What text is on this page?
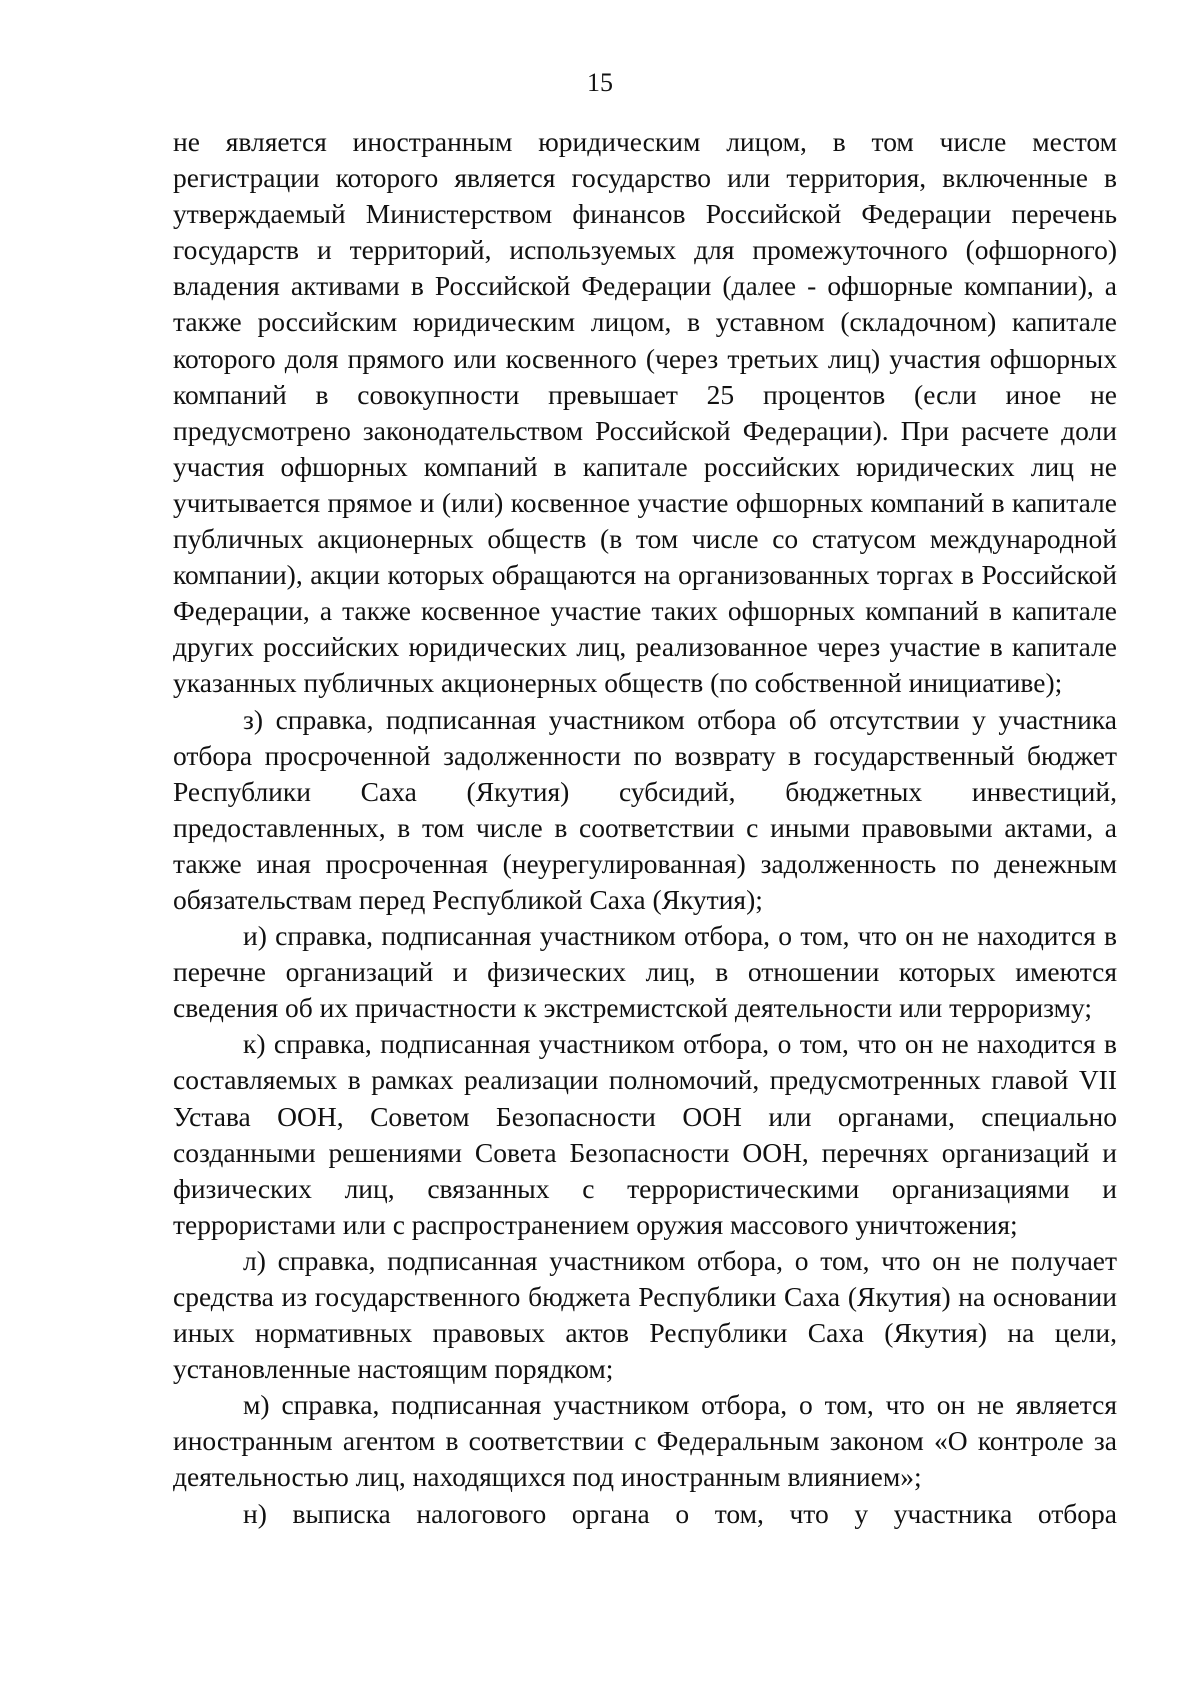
15

не является иностранным юридическим лицом, в том числе местом регистрации которого является государство или территория, включенные в утверждаемый Министерством финансов Российской Федерации перечень государств и территорий, используемых для промежуточного (офшорного) владения активами в Российской Федерации (далее - офшорные компании), а также российским юридическим лицом, в уставном (складочном) капитале которого доля прямого или косвенного (через третьих лиц) участия офшорных компаний в совокупности превышает 25 процентов (если иное не предусмотрено законодательством Российской Федерации). При расчете доли участия офшорных компаний в капитале российских юридических лиц не учитывается прямое и (или) косвенное участие офшорных компаний в капитале публичных акционерных обществ (в том числе со статусом международной компании), акции которых обращаются на организованных торгах в Российской Федерации, а также косвенное участие таких офшорных компаний в капитале других российских юридических лиц, реализованное через участие в капитале указанных публичных акционерных обществ (по собственной инициативе);

з) справка, подписанная участником отбора об отсутствии у участника отбора просроченной задолженности по возврату в государственный бюджет Республики Саха (Якутия) субсидий, бюджетных инвестиций, предоставленных, в том числе в соответствии с иными правовыми актами, а также иная просроченная (неурегулированная) задолженность по денежным обязательствам перед Республикой Саха (Якутия);

и) справка, подписанная участником отбора, о том, что он не находится в перечне организаций и физических лиц, в отношении которых имеются сведения об их причастности к экстремистской деятельности или терроризму;

к) справка, подписанная участником отбора, о том, что он не находится в составляемых в рамках реализации полномочий, предусмотренных главой VII Устава ООН, Советом Безопасности ООН или органами, специально созданными решениями Совета Безопасности ООН, перечнях организаций и физических лиц, связанных с террористическими организациями и террористами или с распространением оружия массового уничтожения;

л) справка, подписанная участником отбора, о том, что он не получает средства из государственного бюджета Республики Саха (Якутия) на основании иных нормативных правовых актов Республики Саха (Якутия) на цели, установленные настоящим порядком;

м) справка, подписанная участником отбора, о том, что он не является иностранным агентом в соответствии с Федеральным законом «О контроле за деятельностью лиц, находящихся под иностранным влиянием»;

н) выписка налогового органа о том, что у участника отбора
